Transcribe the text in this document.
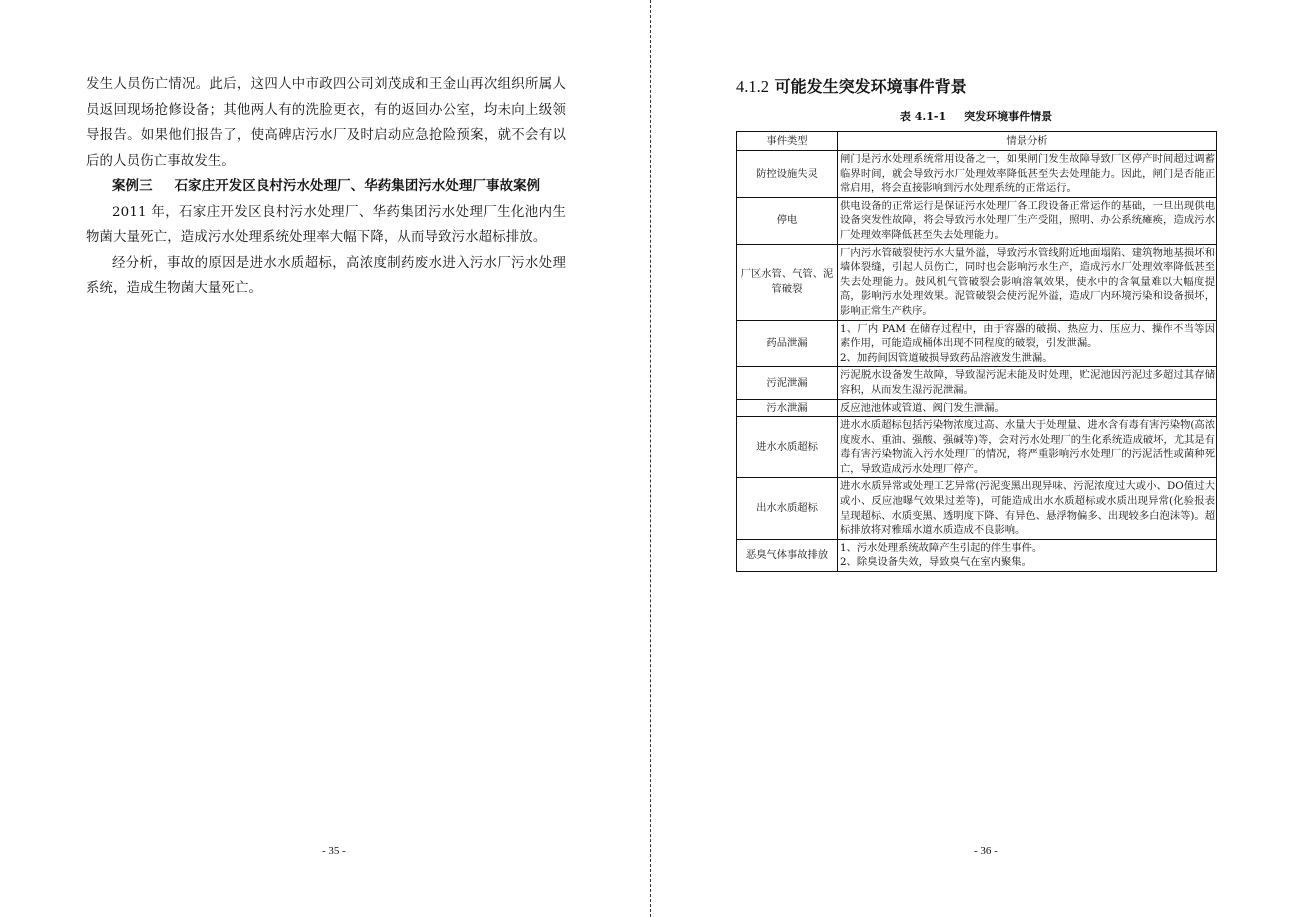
发生人员伤亡情况。此后，这四人中市政四公司刘茂成和王金山再次组织所属人员返回现场抢修设备；其他两人有的洗脸更衣，有的返回办公室，均未向上级领导报告。如果他们报告了，使高碑店污水厂及时启动应急抢险预案，就不会有以后的人员伤亡事故发生。

案例三 石家庄开发区良村污水处理厂、华药集团污水处理厂事故案例

2011 年，石家庄开发区良村污水处理厂、华药集团污水处理厂生化池内生物菌大量死亡，造成污水处理系统处理率大幅下降，从而导致污水超标排放。

经分析，事故的原因是进水水质超标，高浓度制药废水进入污水厂污水处理系统，造成生物菌大量死亡。

- 35 -
4.1.2 可能发生突发环境事件背景
表 4.1-1 突发环境事件情景
事件类型	情景分析
防控设施失灵	闸门是污水处理系统常用设备之一，如果闸门发生故障导致厂区停产时间超过调蓄临界时间，就会导致污水厂处理效率降低甚至失去处理能力。因此，闸门是否能正常启用，将会直接影响到污水处理系统的正常运行。

停电	供电设备的正常运行是保证污水处理厂各工段设备正常运作的基础，一旦出现供电设备突发性故障，将会导致污水处理厂生产受阻，照明、办公系统瘫痪，造成污水厂处理效率降低甚至失去处理能力。

厂区水管、气管、泥管破裂	厂内污水管破裂使污水大量外溢，导致污水管线附近地面塌陷、建筑物地基损坏和墙体裂缝，引起人员伤亡，同时也会影响污水生产，造成污水厂处理效率降低甚至失去处理能力。鼓风机气管破裂会影响溶氧效果，使水中的含氧量难以大幅度提高，影响污水处理效果。泥管破裂会使污泥外溢，造成厂内环境污染和设备损坏，影响正常生产秩序。

药品泄漏	1、厂内 PAM 在储存过程中，由于容器的破损、热应力、压应力、操作不当等因素作用，可能造成桶体出现不同程度的破裂，引发泄漏。
2、加药间因管道破损导致药品溶液发生泄漏。

污泥泄漏	污泥脱水设备发生故障，导致湿污泥未能及时处理，贮泥池因污泥过多超过其存储容积，从而发生湿污泥泄漏。

污水泄漏	反应池池体或管道、阀门发生泄漏。

进水水质超标	进水水质超标包括污染物浓度过高、水量大于处理量、进水含有毒有害污染物(高浓度废水、重油、强酸、强碱等)等，会对污水处理厂的生化系统造成破坏，尤其是有毒有害污染物流入污水处理厂的情况，将严重影响污水处理厂的污泥活性或菌种死亡，导致造成污水处理厂停产。

出水水质超标	进水水质异常或处理工艺异常(污泥变黑出现异味、污泥浓度过大或小、DO值过大或小、反应池曝气效果过差等)，可能造成出水水质超标或水质出现异常(化验报表呈现超标、水质变黑、透明度下降、有异色、悬浮物偏多、出现较多白泡沫等)。超标排放将对雅瑶水道水质造成不良影响。

恶臭气体事故排放	1、污水处理系统故障产生引起的伴生事件。
2、除臭设备失效，导致臭气在室内聚集。
- 36 -
